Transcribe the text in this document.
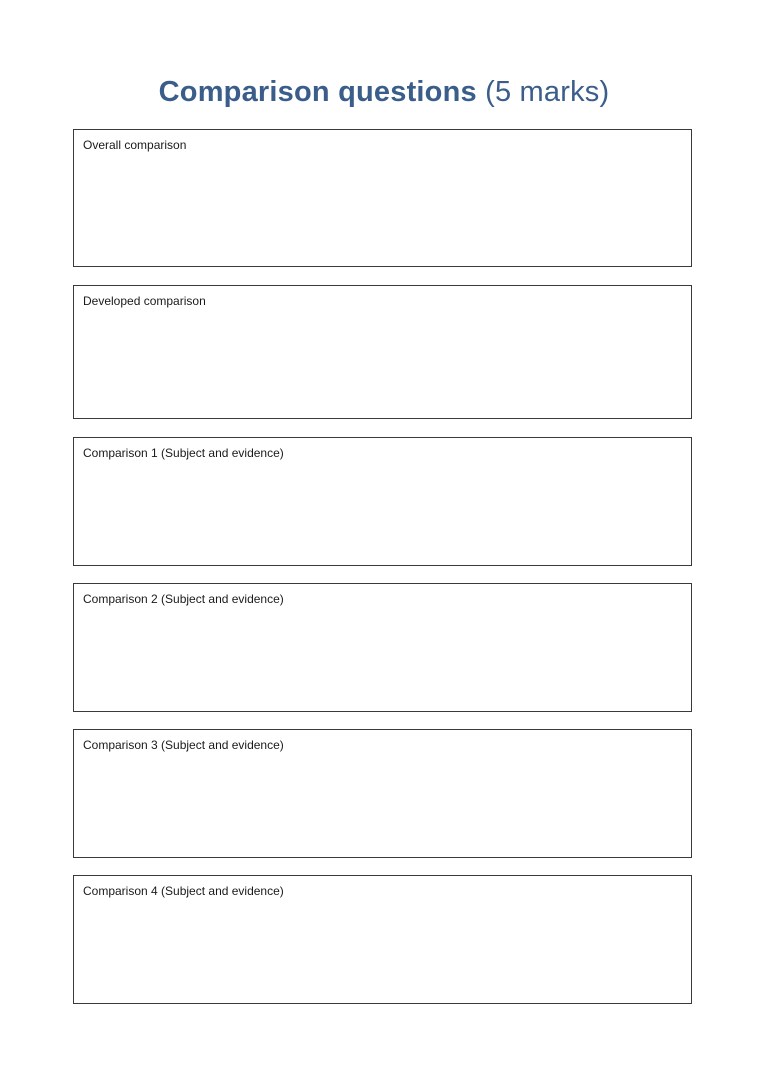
Comparison questions (5 marks)
Overall comparison
Developed comparison
Comparison 1 (Subject and evidence)
Comparison 2 (Subject and evidence)
Comparison 3 (Subject and evidence)
Comparison 4 (Subject and evidence)
